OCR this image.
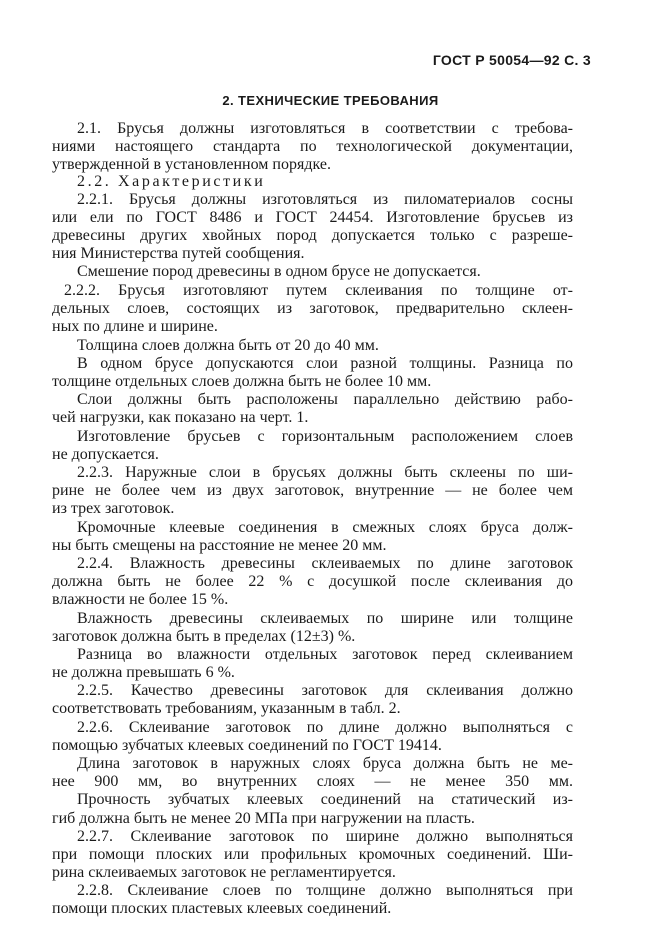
ГОСТ Р 50054—92 С. 3
2. ТЕХНИЧЕСКИЕ ТРЕБОВАНИЯ
2.1. Брусья должны изготовляться в соответствии с требова-
ниями настоящего стандарта по технологической документации,
утвержденной в установленном порядке.
2.2. Характеристики
2.2.1. Брусья должны изготовляться из пиломатериалов сосны
или ели по ГОСТ 8486 и ГОСТ 24454. Изготовление брусьев из
древесины других хвойных пород допускается только с разреше-
ния Министерства путей сообщения.
Смешение пород древесины в одном брусе не допускается.
2.2.2. Брусья изготовляют путем склеивания по толщине от-
дельных слоев, состоящих из заготовок, предварительно склеен-
ных по длине и ширине.
Толщина слоев должна быть от 20 до 40 мм.
В одном брусе допускаются слои разной толщины. Разница по
толщине отдельных слоев должна быть не более 10 мм.
Слои должны быть расположены параллельно действию рабо-
чей нагрузки, как показано на черт. 1.
Изготовление брусьев с горизонтальным расположением слоев
не допускается.
2.2.3. Наружные слои в брусьях должны быть склеены по ши-
рине не более чем из двух заготовок, внутренние — не более чем
из трех заготовок.
Кромочные клеевые соединения в смежных слоях бруса долж-
ны быть смещены на расстояние не менее 20 мм.
2.2.4. Влажность древесины склеиваемых по длине заготовок
должна быть не более 22 % с досушкой после склеивания до
влажности не более 15 %.
Влажность древесины склеиваемых по ширине или толщине
заготовок должна быть в пределах (12±3) %.
Разница во влажности отдельных заготовок перед склеиванием
не должна превышать 6 %.
2.2.5. Качество древесины заготовок для склеивания должно
соответствовать требованиям, указанным в табл. 2.
2.2.6. Склеивание заготовок по длине должно выполняться с
помощью зубчатых клеевых соединений по ГОСТ 19414.
Длина заготовок в наружных слоях бруса должна быть не ме-
нее 900 мм, во внутренних слоях — не менее 350 мм.
Прочность зубчатых клеевых соединений на статический из-
гиб должна быть не менее 20 МПа при нагружении на пласть.
2.2.7. Склеивание заготовок по ширине должно выполняться
при помощи плоских или профильных кромочных соединений. Ши-
рина склеиваемых заготовок не регламентируется.
2.2.8. Склеивание слоев по толщине должно выполняться при
помощи плоских пластевых клеевых соединений.
